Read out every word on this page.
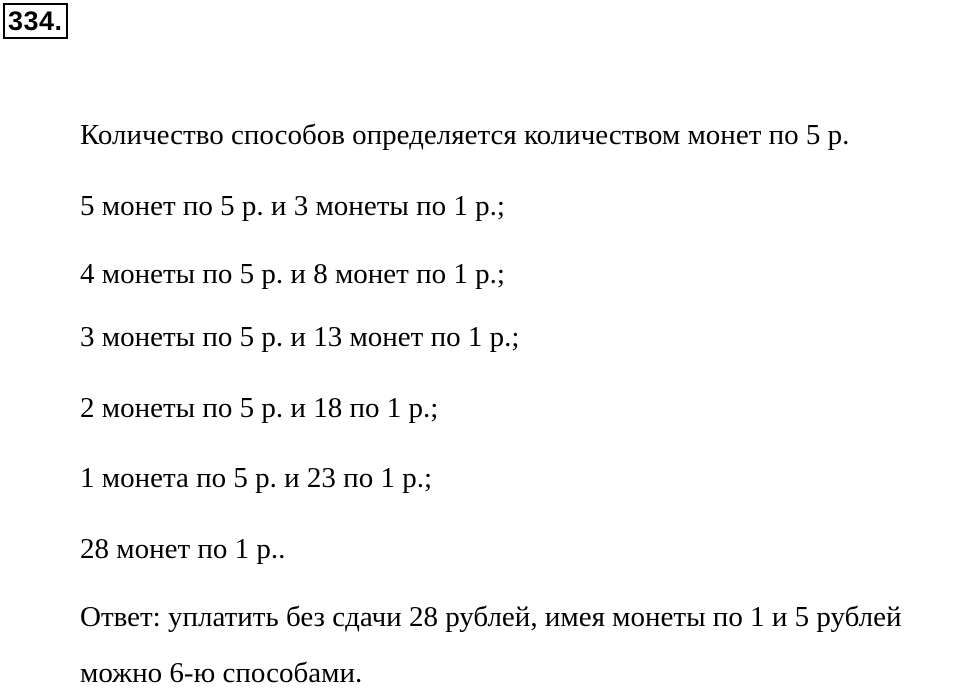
334.
Количество способов определяется количеством монет по 5 р.
5 монет по 5 р. и 3 монеты по 1 р.;
4 монеты по 5 р. и 8 монет по 1 р.;
3 монеты по 5 р. и 13 монет по 1 р.;
2 монеты по 5 р. и 18 по 1 р.;
1 монета по 5 р. и 23 по 1 р.;
28 монет по 1 р..
Ответ: уплатить без сдачи 28 рублей, имея монеты по 1 и 5 рублей
можно 6-ю способами.
